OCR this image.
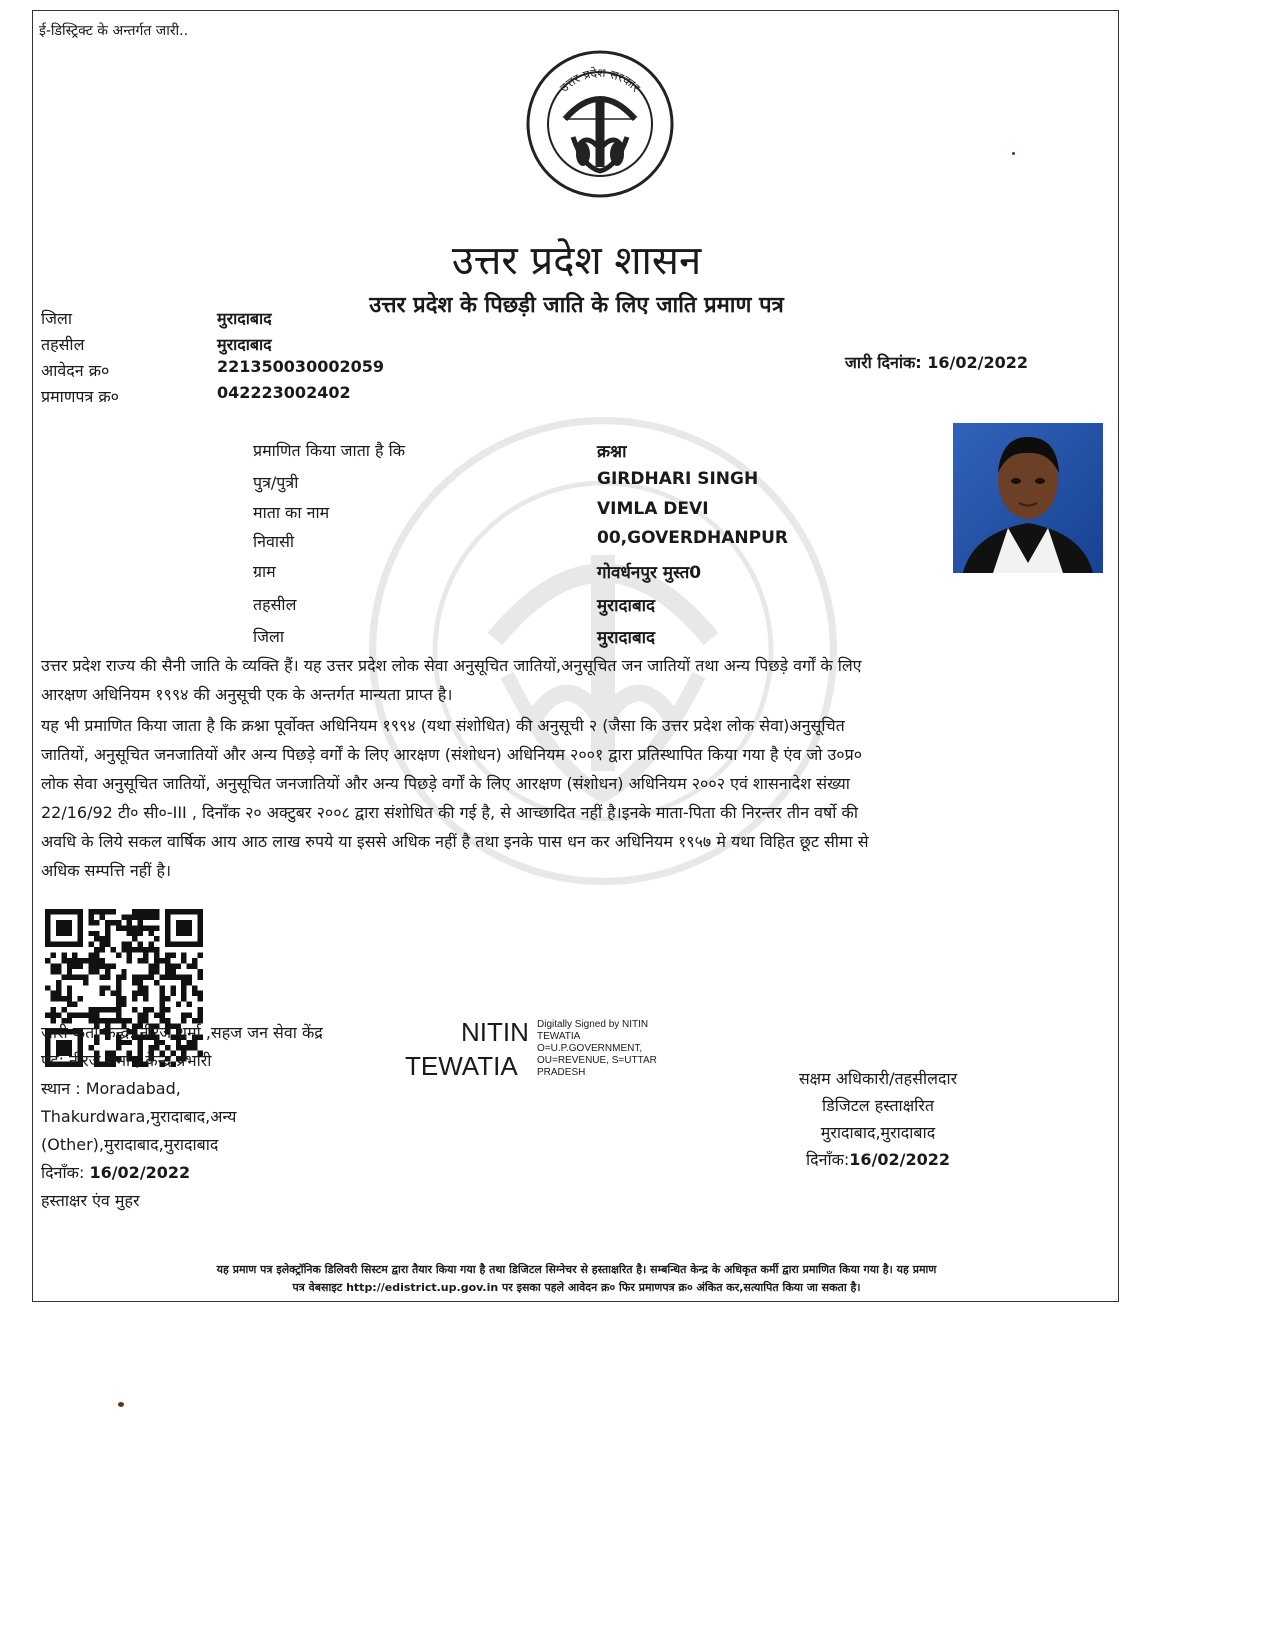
ई-डिस्ट्रिक्ट के अन्तर्गत जारी..
उत्तर प्रदेश सरकार
उत्तर प्रदेश शासन
उत्तर प्रदेश के पिछड़ी जाति के लिए जाति प्रमाण पत्र
जिला	मुरादाबाद
तहसील	मुरादाबाद
आवेदन क्र०	221350030002059
प्रमाणपत्र क्र०	042223002402
जारी दिनांक: 16/02/2022
प्रमाणित किया जाता है कि	क्रश्ना
पुत्र/पुत्री	GIRDHARI SINGH
माता का नाम	VIMLA DEVI
निवासी	00,GOVERDHANPUR
ग्राम	गोवर्धनपुर मुस्त0
तहसील	मुरादाबाद
जिला	मुरादाबाद
उत्तर प्रदेश राज्य की सैनी जाति के व्यक्ति हैं। यह उत्तर प्रदेश लोक सेवा अनुसूचित जातियों,अनुसूचित जन जातियों तथा अन्य पिछड़े वर्गों के लिए
आरक्षण अधिनियम १९९४ की अनुसूची एक के अन्तर्गत मान्यता प्राप्त है।
यह भी प्रमाणित किया जाता है कि क्रश्ना पूर्वोक्त अधिनियम १९९४ (यथा संशोधित) की अनुसूची २ (जैसा कि उत्तर प्रदेश लोक सेवा)अनुसूचित
जातियों, अनुसूचित जनजातियों और अन्य पिछड़े वर्गों के लिए आरक्षण (संशोधन) अधिनियम २००१ द्वारा प्रतिस्थापित किया गया है एंव जो उ०प्र०
लोक सेवा अनुसूचित जातियों, अनुसूचित जनजातियों और अन्य पिछड़े वर्गों के लिए आरक्षण (संशोधन) अधिनियम २००२ एवं शासनादेश संख्या
22/16/92 टी० सी०-III , दिनाँक २० अक्टुबर २००८ द्वारा संशोधित की गई है, से आच्छादित नहीं है।इनके माता-पिता की निरन्तर तीन वर्षो की
अवधि के लिये सकल वार्षिक आय आठ लाख रुपये या इससे अधिक नहीं है तथा इनके पास धन कर अधिनियम १९५७ मे यथा विहित छूट सीमा से
अधिक सम्पत्ति नहीं है।
जारी कर्ता केन्द्र: नीरज शर्मा ,सहज जन सेवा केंद्र
पद: नीरज शर्मा , केन्द्र प्रभारी
स्थान : Moradabad,
Thakurdwara,मुरादाबाद,अन्य
(Other),मुरादाबाद,मुरादाबाद
दिनाँक: 16/02/2022
हस्ताक्षर एंव मुहर
NITIN
TEWATIA
Digitally Signed by NITIN
TEWATIA
O=U.P.GOVERNMENT,
OU=REVENUE, S=UTTAR
PRADESH	सक्षम अधिकारी/तहसीलदार
डिजिटल हस्ताक्षरित
मुरादाबाद,मुरादाबाद
दिनाँक:16/02/2022
यह प्रमाण पत्र इलेक्ट्रॉनिक डिलिवरी सिस्टम द्वारा तैयार किया गया है तथा डिजिटल सिग्नेचर से हस्ताक्षरित है। सम्बन्धित केन्द्र के अधिकृत कर्मी द्वारा प्रमाणित किया गया है। यह प्रमाण
पत्र वेबसाइट http://edistrict.up.gov.in पर इसका पहले आवेदन क्र० फिर प्रमाणपत्र क्र० अंकित कर,सत्यापित किया जा सकता है।
